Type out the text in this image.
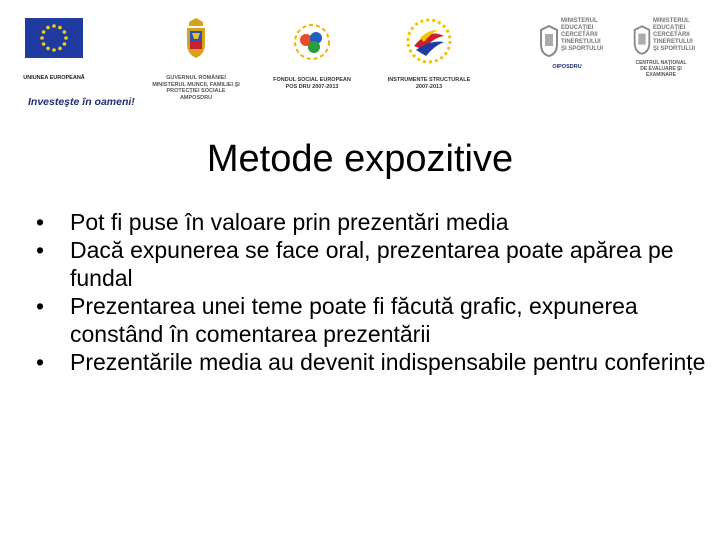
UNIUNEA EUROPEANĂ	GUVERNUL ROMÂNIEI
MINISTERUL MUNCII, FAMILIEI ŞI
PROTECŢIEI SOCIALE
AMPOSDRU
FONDUL SOCIAL EUROPEAN
POS DRU 2007-2013
INSTRUMENTE STRUCTURALE
2007-2013
MINISTERUL
EDUCAŢIEI
CERCETĂRII
TINERETULUI
ŞI SPORTULUI
OIPOSDRU
MINISTERUL
EDUCAŢIEI
CERCETĂRII
TINERETULUI
ŞI SPORTULUI
CENTRUL NAŢIONAL
DE EVALUARE ŞI
EXAMINARE
Investeşte în oameni!
Metode expozitive
•	Pot fi puse în valoare prin prezentări media
•	Dacă expunerea se face oral, prezentarea poate apărea pe fundal
•	Prezentarea unei teme poate fi făcută grafic, expunerea constând în comentarea prezentării
•	Prezentările media au devenit indispensabile pentru conferințe
